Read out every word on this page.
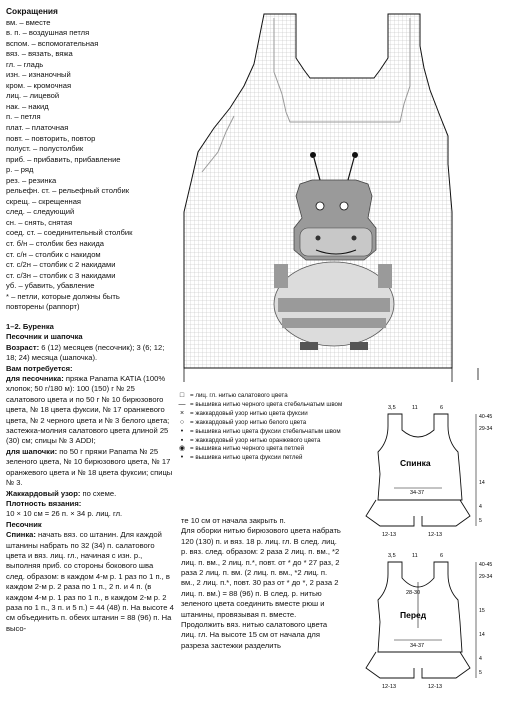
Сокращения
вм. – вместе
в. п. – воздушная петля
вспом. – вспомогательная
вяз. – вязать, вяжа
гл. – гладь
изн. – изнаночный
кром. – кромочная
лиц. – лицевой
нак. – накид
п. – петля
плат. – платочная
повт. – повторить, повтор
полуст. – полустолбик
приб. – прибавить, прибавление
р. – ряд
рез. – резинка
рельефн. ст. – рельефный столбик
скрещ. – скрещенная
след. – следующий
сн. – снять, снятая
соед. ст. – соединительный столбик
ст. б/н – столбик без накида
ст. с/н – столбик с накидом
ст. с/2н – столбик с 2 накидами
ст. с/3н – столбик с 3 накидами
уб. – убавить, убавление
* – петли, которые должны быть
повторены (раппорт)

1–2. Буренка

Песочник и шапочка

Возраст: 6 (12) месяцев (песочник); 3 (6; 12; 18; 24) месяца (шапочка).

Вам потребуется:

для песочника: пряжа Panama KATIA (100% хлопок; 50 г/180 м): 100 (150) г № 25 салатового цвета и по 50 г № 10 бирюзового цвета, № 18 цвета фуксии, № 17 оранжевого цвета, № 2 черного цвета и № 3 белого цвета; застежка-молния салатового цвета длиной 25 (30) см; спицы № 3 ADDI;

для шапочки: по 50 г пряжи Panama № 25 зеленого цвета, № 10 бирюзового цвета, № 17 оранжевого цвета и № 18 цвета фуксии; спицы № 3.

Жаккардовый узор: по схеме.

Плотность вязания:

10 × 10 см = 26 п. × 34 р. лиц. гл.

Песочник

Спинка: начать вяз. со штанин. Для каждой штанины набрать по 32 (34) п. салатового цвета и вяз. лиц. гл., начиная с изн. р., выполняя приб. со стороны бокового шва след. образом: в каждом 4-м р. 1 раз по 1 п., в каждом 2-м р. 2 раза по 1 п., 2 п. и 4 п. (в каждом 4-м р. 1 раз по 1 п., в каждом 2-м р. 2 раза по 1 п., 3 п. и 5 п.) = 44 (48) п. На высоте 4 см объединить п. обеих штанин = 88 (96) п. На высо-

□ = лиц. гл. нитью салатового цвета
— = вышивка нитью черного цвета стебельчатым швом
× = жаккардовый узор нитью цвета фуксии
○ = жаккардовый узор нитью белого цвета
•	= вышивка нитью цвета фуксии стебельчатым швом
▪	= жаккардовый узор нитью оранжевого цвета
◉ = вышивка нитью черного цвета петлей
•	= вышивка нитью цвета фуксии петлей

те 10 см от начала закрыть п.

Для оборки нитью бирюзового цвета набрать 120 (130) п. и вяз. 18 р. лиц. гл. В след. лиц. р. вяз. след. образом: 2 раза 2 лиц. п. вм., *2 лиц. п. вм., 2 лиц. п.*, повт. от * до * 27 раз, 2 раза 2 лиц. п. вм. (2 лиц. п. вм., *2 лиц. п. вм., 2 лиц. п.*, повт. 30 раз от * до *, 2 раза 2 лиц. п. вм.) = 88 (96) п. В след. р. нитью зеленого цвета соединить вместе рюш и штанины, провязывая п. вместе.

Продолжить вяз. нитью салатового цвета лиц. гл. На высоте 15 см от начала для разреза застежки разделить

Спинка
3,5	11	6
34-37
12-13	12-13
40-45
29-34
14
4
5
Перед
28-30
3,5	11	6
34-37
12-13	12-13
40-45
29-34
15
14
4
5
